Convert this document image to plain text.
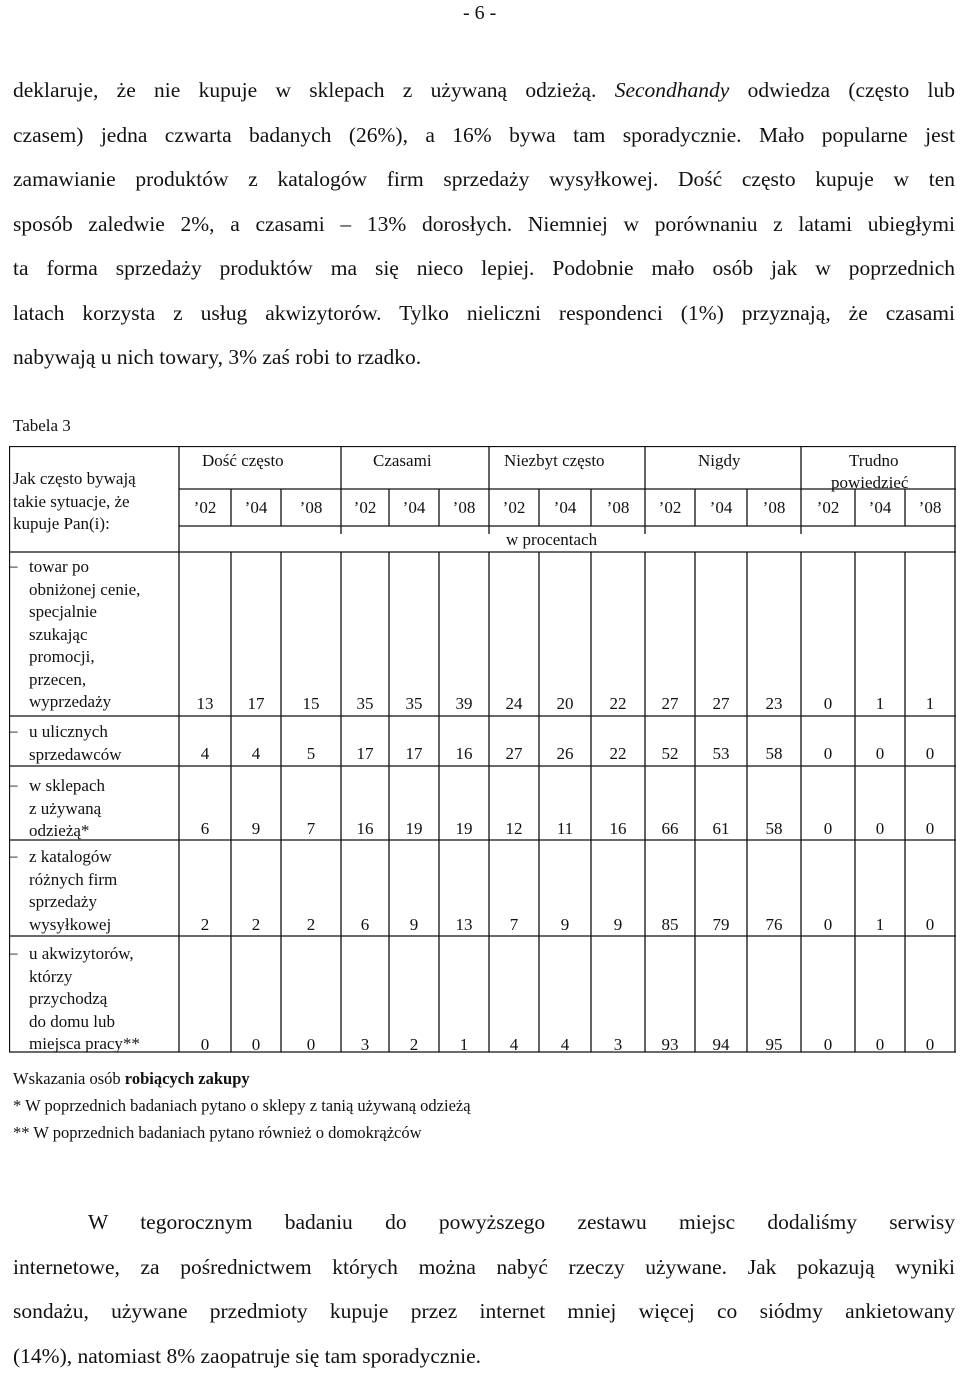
- 6 -
deklaruje, że nie kupuje w sklepach z używaną odzieżą. Secondhandy odwiedza (często lub
czasem) jedna czwarta badanych (26%), a 16% bywa tam sporadycznie. Mało popularne jest
zamawianie produktów z katalogów firm sprzedaży wysyłkowej. Dość często kupuje w ten
sposób zaledwie 2%, a czasami – 13% dorosłych. Niemniej w porównaniu z latami ubiegłymi
ta forma sprzedaży produktów ma się nieco lepiej. Podobnie mało osób jak w poprzednich
latach korzysta z usług akwizytorów. Tylko nieliczni respondenci (1%) przyznają, że czasami
nabywają u nich towary, 3% zaś robi to rzadko.
Tabela 3
Jak często bywają
takie sytuacje, że
kupuje Pan(i):
Dość często	Czasami	Niezbyt często	Nigdy	Trudno
powiedzieć
’02	’04	’08	’02	’04	’08	’02	’04	’08	’02	’04	’08	’02	’04	’08
w procentach
– towar po
obniżonej cenie,
specjalnie
szukając
promocji,
przecen,
wyprzedaży	13	17	15	35	35	39	24	20	22	27	27	23	0	1	1
– u ulicznych
sprzedawców	4	4	5	17	17	16	27	26	22	52	53	58	0	0	0
– w sklepach
z używaną
odzieżą*	6	9	7	16	19	19	12	11	16	66	61	58	0	0	0
– z katalogów
różnych firm
sprzedaży
wysyłkowej	2	2	2	6	9	13	7	9	9	85	79	76	0	1	0
– u akwizytorów,
którzy
przychodzą
do domu lub
miejsca pracy**	0	0	0	3	2	1	4	4	3	93	94	95	0	0	0
Wskazania osób robiących zakupy
* W poprzednich badaniach pytano o sklepy z tanią używaną odzieżą
** W poprzednich badaniach pytano również o domokrążców
W tegorocznym badaniu do powyższego zestawu miejsc dodaliśmy serwisy
internetowe, za pośrednictwem których można nabyć rzeczy używane. Jak pokazują wyniki
sondażu, używane przedmioty kupuje przez internet mniej więcej co siódmy ankietowany
(14%), natomiast 8% zaopatruje się tam sporadycznie.
